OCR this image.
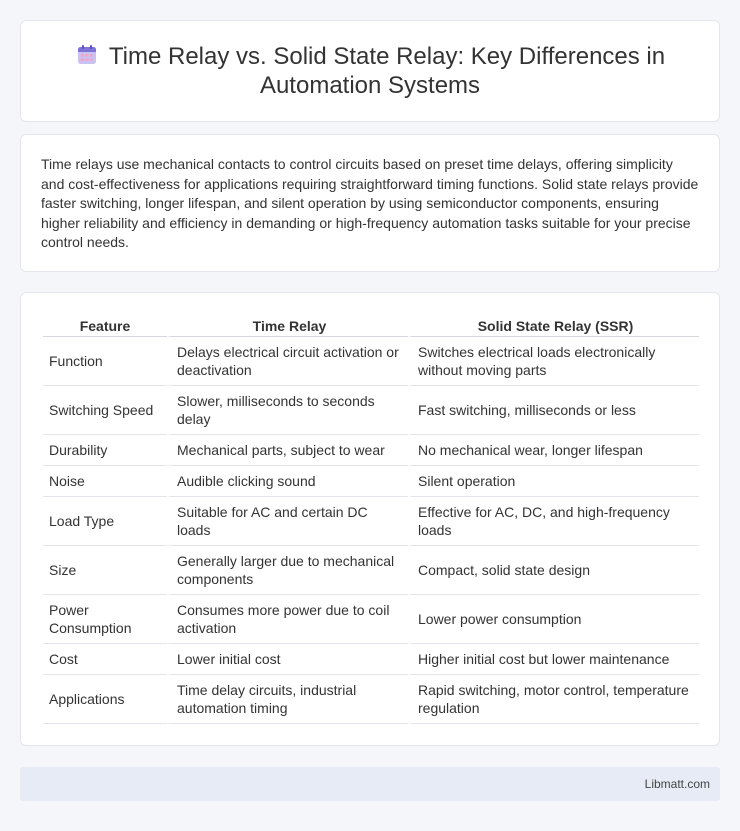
Time Relay vs. Solid State Relay: Key Differences in Automation Systems

Time relays use mechanical contacts to control circuits based on preset time delays, offering simplicity and cost-effectiveness for applications requiring straightforward timing functions. Solid state relays provide faster switching, longer lifespan, and silent operation by using semiconductor components, ensuring higher reliability and efficiency in demanding or high-frequency automation tasks suitable for your precise control needs.

Feature	Time Relay	Solid State Relay (SSR)
Function	Delays electrical circuit activation or deactivation	Switches electrical loads electronically without moving parts
Switching Speed	Slower, milliseconds to seconds delay	Fast switching, milliseconds or less
Durability	Mechanical parts, subject to wear	No mechanical wear, longer lifespan
Noise	Audible clicking sound	Silent operation
Load Type	Suitable for AC and certain DC loads	Effective for AC, DC, and high-frequency loads
Size	Generally larger due to mechanical components	Compact, solid state design
Power Consumption	Consumes more power due to coil activation	Lower power consumption
Cost	Lower initial cost	Higher initial cost but lower maintenance
Applications	Time delay circuits, industrial automation timing	Rapid switching, motor control, temperature regulation
Libmatt.com
